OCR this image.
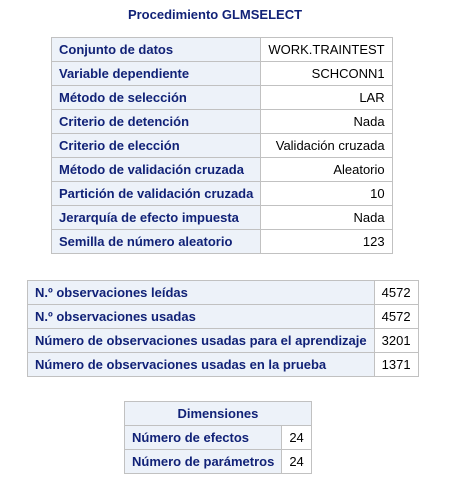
Procedimiento GLMSELECT
Conjunto de datos	WORK.TRAINTEST
Variable dependiente	SCHCONN1
Método de selección	LAR
Criterio de detención	Nada
Criterio de elección	Validación cruzada
Método de validación cruzada	Aleatorio
Partición de validación cruzada	10
Jerarquía de efecto impuesta	Nada
Semilla de número aleatorio	123
N.º observaciones leídas	4572
N.º observaciones usadas	4572
Número de observaciones usadas para el aprendizaje	3201
Número de observaciones usadas en la prueba	1371
Dimensiones	
Número de efectos	24
Número de parámetros	24
